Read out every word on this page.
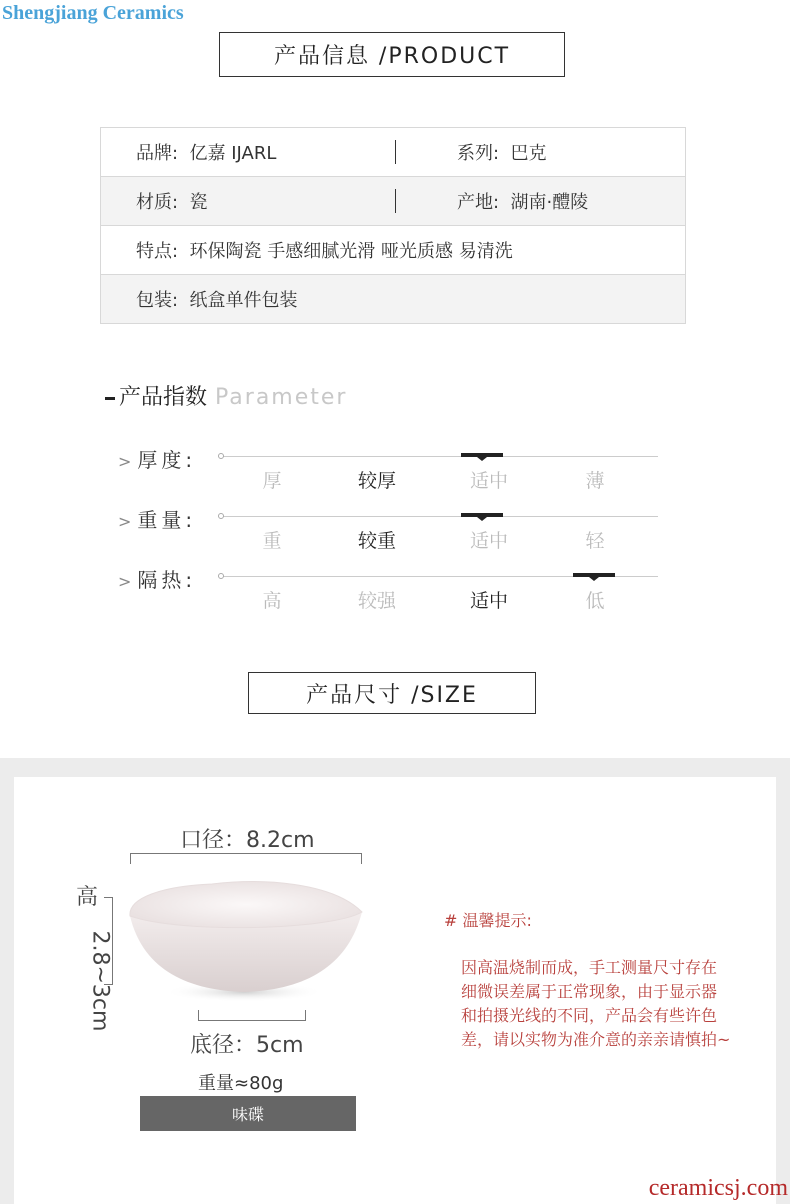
Shengjiang Ceramics
产品信息 /PRODUCT
品牌: 亿嘉 IJARL	系列: 巴克
材质: 瓷	产地: 湖南·醴陵
特点: 环保陶瓷 手感细腻光滑 哑光质感 易清洗
包装: 纸盒单件包装
产品指数 Parameter
> 厚度:
厚	较厚	适中	薄
> 重量:
重	较重	适中	轻
> 隔热:
高	较强	适中	低
产品尺寸 /SIZE
口径：8.2cm
高
2.8~3cm
底径：5cm
重量≈80g
味碟
# 温馨提示:
因高温烧制而成，手工测量尺寸存在 细微误差属于正常现象，由于显示器和拍摄光线的不同，产品会有些许色差，请以实物为准介意的亲亲请慎拍~
ceramicsj.com
